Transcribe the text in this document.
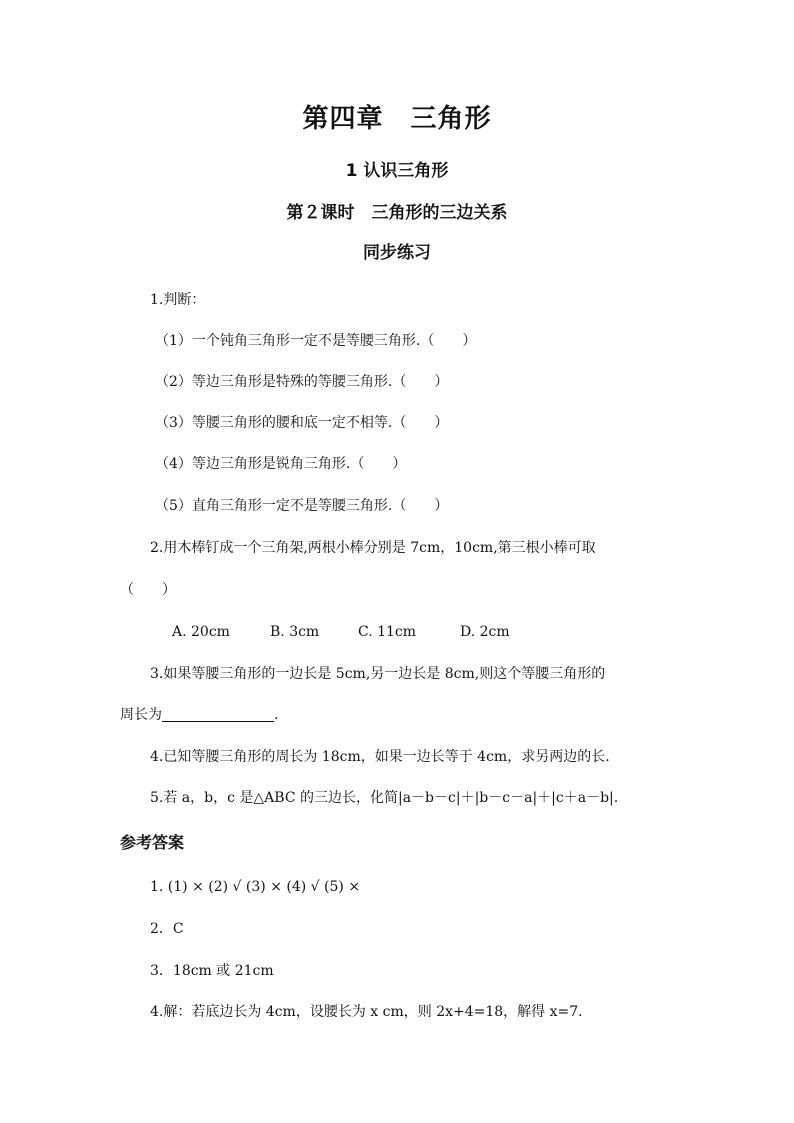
第四章　三角形
1 认识三角形
第２课时　三角形的三边关系
同步练习
1.判断：
（1）一个钝角三角形一定不是等腰三角形.（　　）
（2）等边三角形是特殊的等腰三角形.（　　）
（3）等腰三角形的腰和底一定不相等.（　　）
（4）等边三角形是锐角三角形.（　　）
（5）直角三角形一定不是等腰三角形.（　　）
2.用木棒钉成一个三角架,两根小棒分别是 7cm，10cm,第三根小棒可取
（　　）
A. 20cm	B. 3cm	C. 11cm	D. 2cm
3.如果等腰三角形的一边长是 5cm,另一边长是 8cm,则这个等腰三角形的
周长为	.
4.已知等腰三角形的周长为 18cm，如果一边长等于 4cm，求另两边的长.
5.若 a，b，c 是△ABC 的三边长，化简|a－b－c|＋|b－c－a|＋|c＋a－b|.
参考答案
1. (1) × (2) √ (3) × (4) √ (5) ×
2．C
3．18cm 或 21cm
4.解：若底边长为 4cm，设腰长为 x cm，则 2x+4=18，解得 x=7.
